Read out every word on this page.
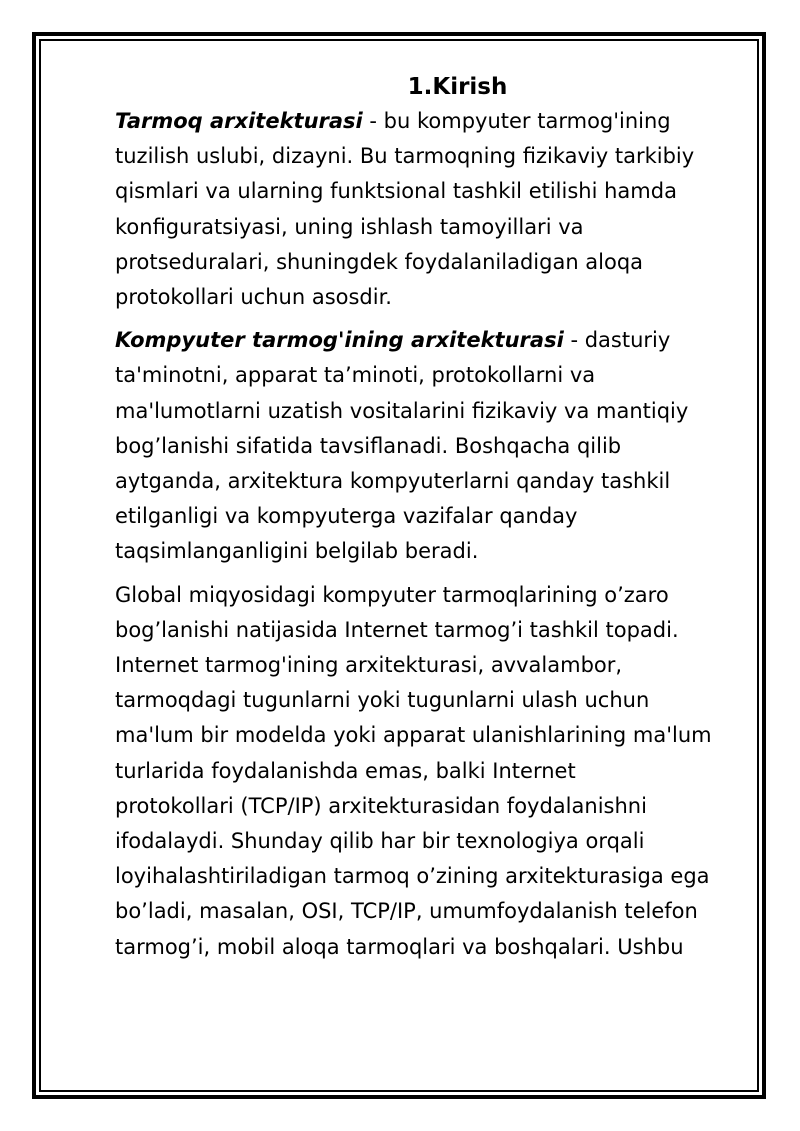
1.Kirish
Tarmoq arxitekturasi - bu kompyuter tarmog'ining
tuzilish uslubi, dizayni. Bu tarmoqning fizikaviy tarkibiy
qismlari va ularning funktsional tashkil etilishi hamda
konfiguratsiyasi, uning ishlash tamoyillari va
protseduralari, shuningdek foydalaniladigan aloqa
protokollari uchun asosdir.
Kompyuter tarmog'ining arxitekturasi - dasturiy
ta'minotni, apparat ta’minoti, protokollarni va
ma'lumotlarni uzatish vositalarini fizikaviy va mantiqiy
bog’lanishi sifatida tavsiflanadi. Boshqacha qilib
aytganda, arxitektura kompyuterlarni qanday tashkil
etilganligi va kompyuterga vazifalar qanday
taqsimlanganligini belgilab beradi.
Global miqyosidagi kompyuter tarmoqlarining o’zaro
bog’lanishi natijasida Internet tarmog’i tashkil topadi.
Internet tarmog'ining arxitekturasi, avvalambor,
tarmoqdagi tugunlarni yoki tugunlarni ulash uchun
ma'lum bir modelda yoki apparat ulanishlarining ma'lum
turlarida foydalanishda emas, balki Internet
protokollari (TCP/IP) arxitekturasidan foydalanishni
ifodalaydi. Shunday qilib har bir texnologiya orqali
loyihalashtiriladigan tarmoq o’zining arxitekturasiga ega
bo’ladi, masalan, OSI, TCP/IP, umumfoydalanish telefon
tarmog’i, mobil aloqa tarmoqlari va boshqalari. Ushbu
